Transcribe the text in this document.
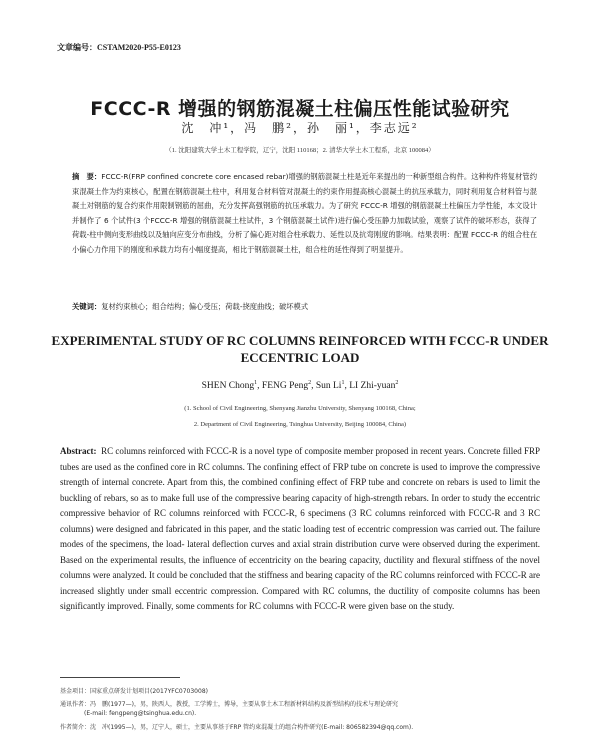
文章编号：CSTAM2020-P55-E0123
FCCC-R 增强的钢筋混凝土柱偏压性能试验研究
沈　冲¹，冯　鹏²，孙　丽¹，李志远²
（1. 沈阳建筑大学土木工程学院，辽宁，沈阳 110168；2. 清华大学土木工程系，北京 100084）
摘　要：FCCC-R(FRP confined concrete core encased rebar)增强的钢筋混凝土柱是近年来提出的一种新型组合构件。这种构件将复材管约束混凝土作为约束核心，配置在钢筋混凝土柱中，利用复合材料管对混凝土的约束作用提高核心混凝土的抗压承载力，同时利用复合材料管与混凝土对钢筋的复合约束作用限制钢筋的屈曲，充分发挥高强钢筋的抗压承载力。为了研究 FCCC-R 增强的钢筋混凝土柱偏压力学性能，本文设计并制作了 6 个试件(3 个FCCC-R 增强的钢筋混凝土柱试件，3 个钢筋混凝土试件)进行偏心受压静力加载试验，观察了试件的破坏形态，获得了荷载-柱中侧向变形曲线以及轴向应变分布曲线，分析了偏心距对组合柱承载力、延性以及抗弯刚度的影响。结果表明：配置 FCCC-R 的组合柱在小偏心力作用下的刚度和承载力均有小幅度提高，相比于钢筋混凝土柱，组合柱的延性得到了明显提升。
关键词：复材约束核心；组合结构；偏心受压；荷载-挠度曲线；破坏模式
EXPERIMENTAL STUDY OF RC COLUMNS REINFORCED WITH FCCC-R UNDER ECCENTRIC LOAD
SHEN Chong$^1$, FENG Peng$^2$, Sun Li$^1$, LI Zhi-yuan$^2$
(1. School of Civil Engineering, Shenyang Jianzhu University, Shenyang 100168, China;
2. Department of Civil Engineering, Tsinghua University, Beijing 100084, China)
Abstract: RC columns reinforced with FCCC-R is a novel type of composite member proposed in recent years. Concrete filled FRP tubes are used as the confined core in RC columns. The confining effect of FRP tube on concrete is used to improve the compressive strength of internal concrete. Apart from this, the combined confining effect of FRP tube and concrete on rebars is used to limit the buckling of rebars, so as to make full use of the compressive bearing capacity of high-strength rebars. In order to study the eccentric compressive behavior of RC columns reinforced with FCCC-R, 6 specimens (3 RC columns reinforced with FCCC-R and 3 RC columns) were designed and fabricated in this paper, and the static loading test of eccentric compression was carried out. The failure modes of the specimens, the load- lateral deflection curves and axial strain distribution curve were observed during the experiment. Based on the experimental results, the influence of eccentricity on the bearing capacity, ductility and flexural stiffness of the novel columns were analyzed. It could be concluded that the stiffness and bearing capacity of the RC columns reinforced with FCCC-R are increased slightly under small eccentric compression. Compared with RC columns, the ductility of composite columns has been significantly improved. Finally, some comments for RC columns with FCCC-R were given base on the study.
基金项目：国家重点研发计划项目(2017YFC0703008)
通讯作者：冯　鹏(1977—)，男，陕西人，教授，工学博士，博导，主要从事土木工程新材料结构及新型结构的技术与理论研究
(E-mail: fengpeng@tsinghua.edu.cn).
作者简介：沈　冲(1995—)，男，辽宁人，硕士，主要从事基于FRP 管约束混凝土的组合构件研究(E-mail: 806582394@qq.com).
